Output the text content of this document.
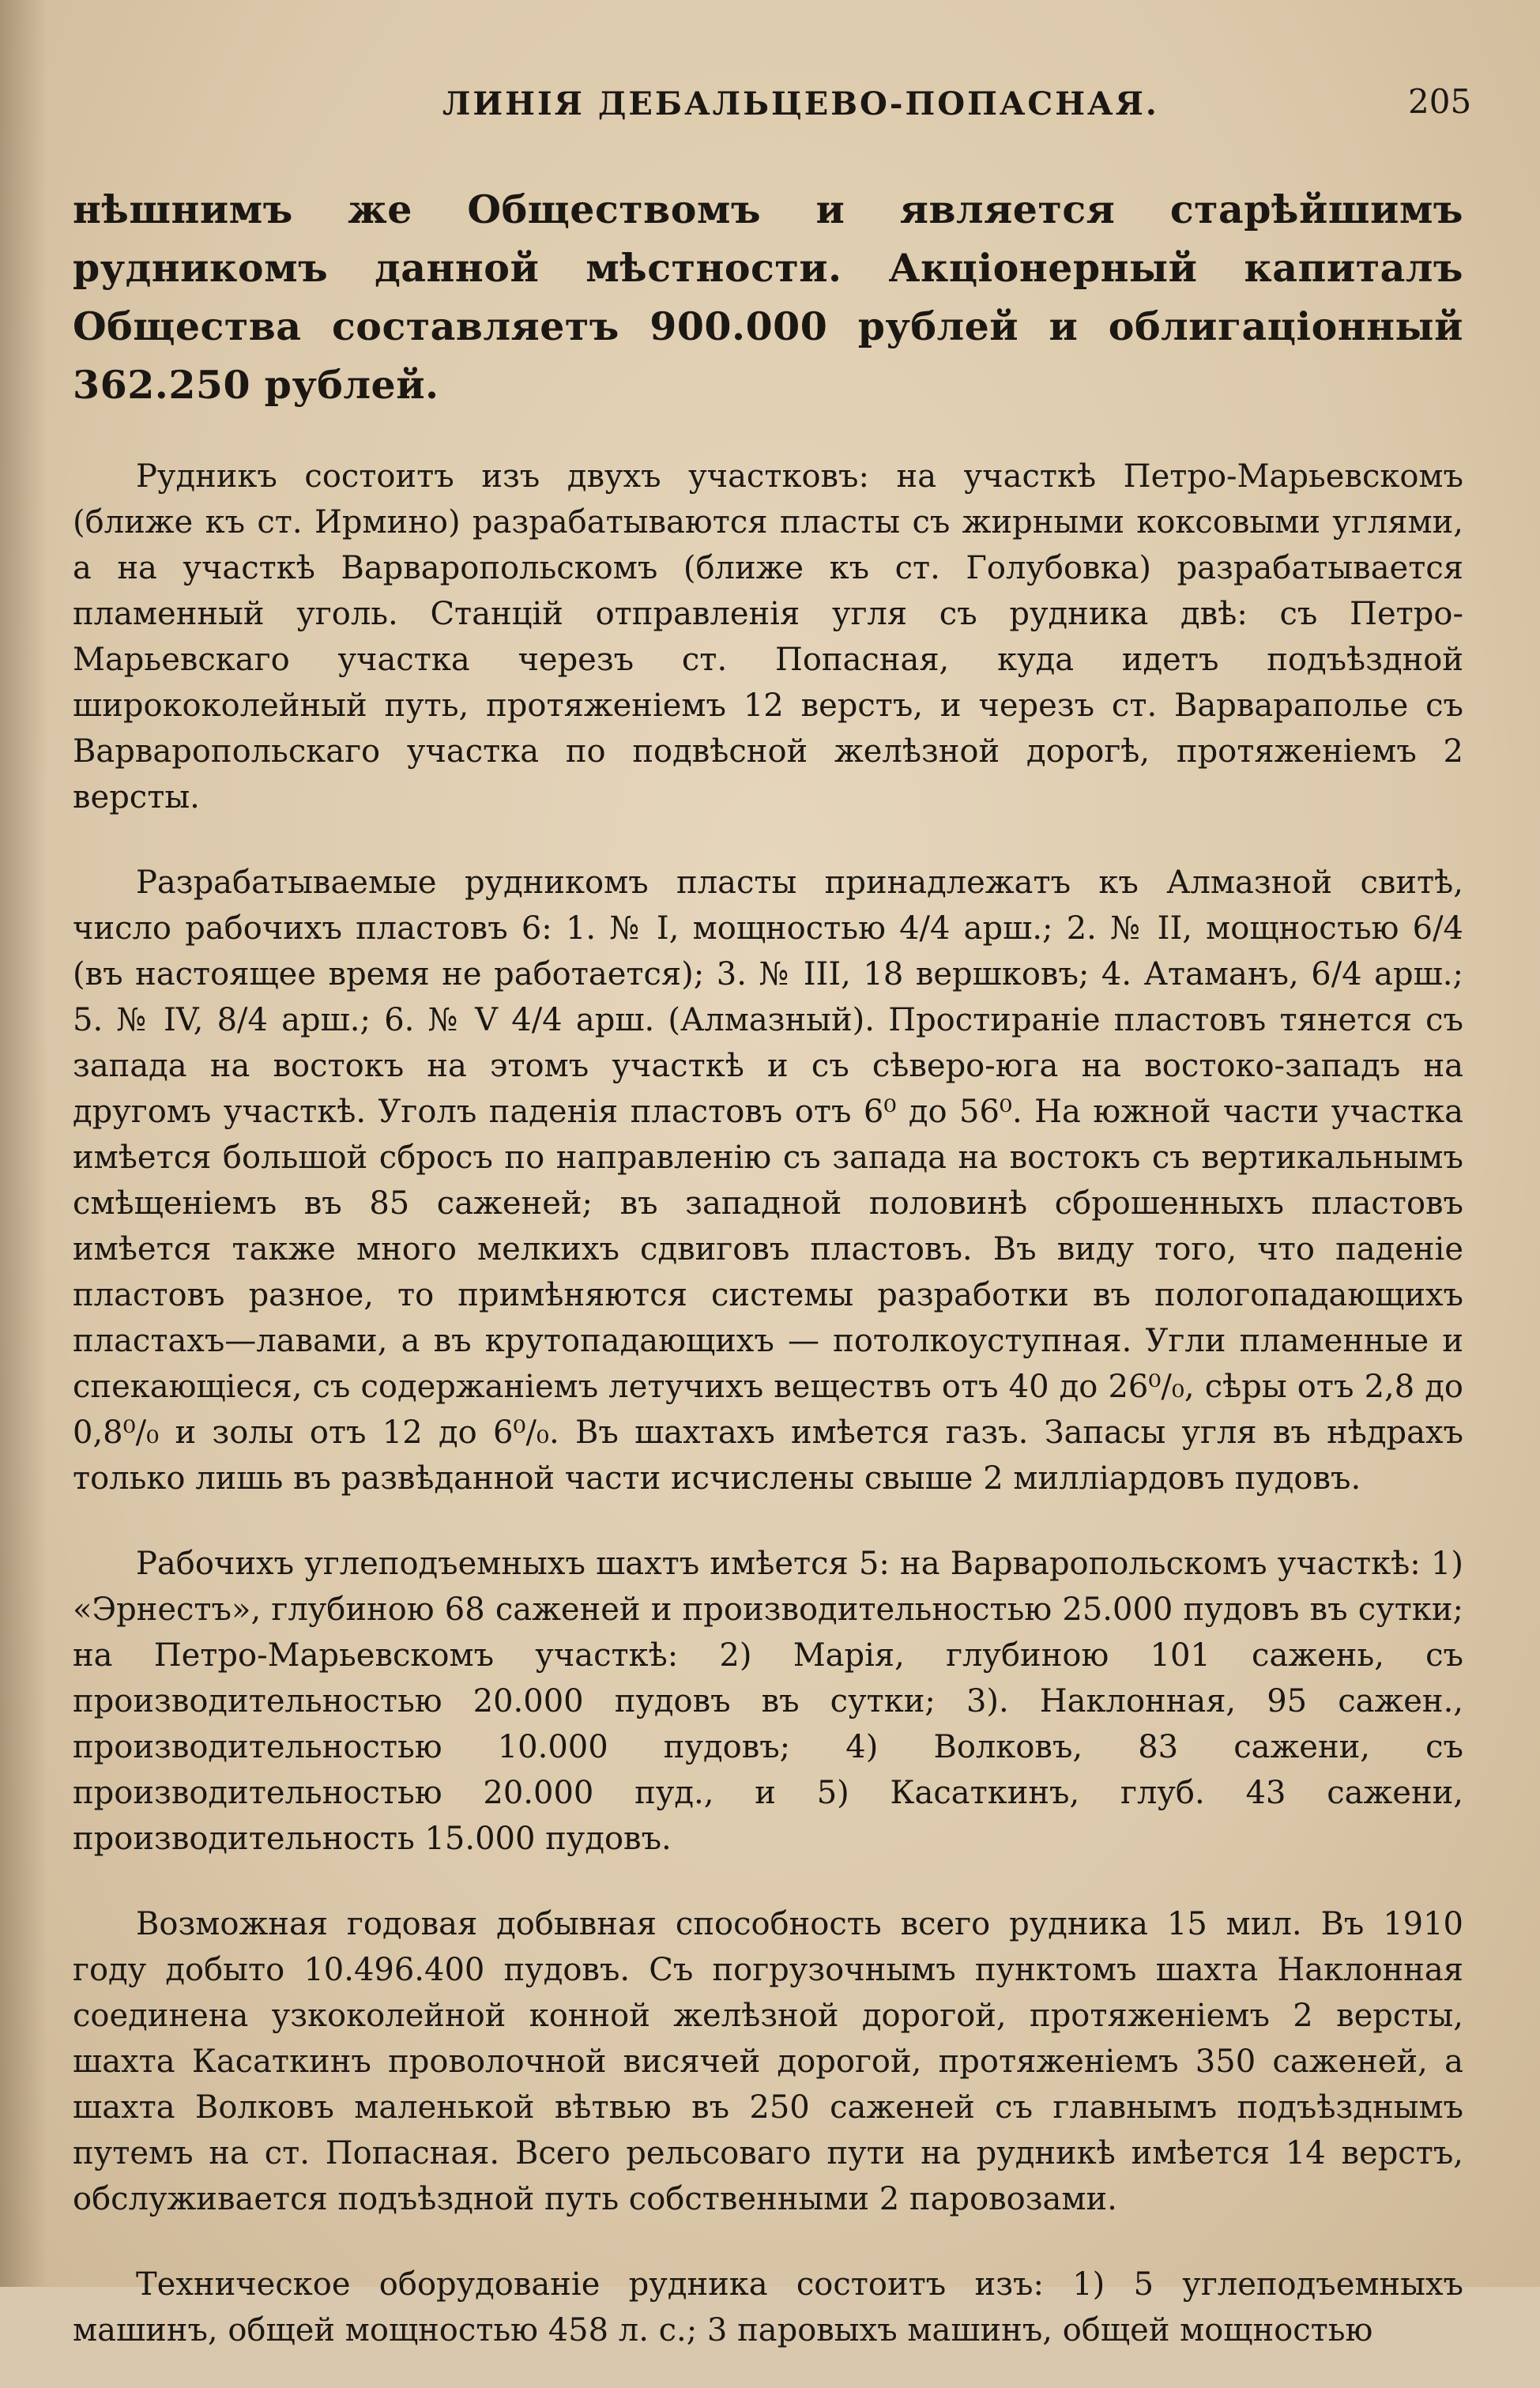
ЛИНІЯ ДЕБАЛЬЦЕВО-ПОПАСНАЯ.	205

нѣшнимъ же Обществомъ и является старѣйшимъ рудникомъ данной мѣстности. Акціонерный капиталъ Общества составляетъ 900.000 рублей и облигаціонный 362.250 рублей.

Рудникъ состоитъ изъ двухъ участковъ: на участкѣ Петро-Марьевскомъ (ближе къ ст. Ирмино) разрабатываются пласты съ жирными коксовыми углями, а на участкѣ Варваропольскомъ (ближе къ ст. Голубовка) разрабатывается пламенный уголь. Станцій отправленія угля съ рудника двѣ: съ Петро-Марьевскаго участка черезъ ст. Попасная, куда идетъ подъѣздной ширококолейный путь, протяженіемъ 12 верстъ, и черезъ ст. Варвараполье съ Варваропольскаго участка по подвѣсной желѣзной дорогѣ, протяженіемъ 2 версты.

Разрабатываемые рудникомъ пласты принадлежатъ къ Алмазной свитѣ, число рабочихъ пластовъ 6: 1. № I, мощностью 4/4 арш.; 2. № II, мощностью 6/4 (въ настоящее время не работается); 3. № III, 18 вершковъ; 4. Атаманъ, 6/4 арш.; 5. № IV, 8/4 арш.; 6. № V 4/4 арш. (Алмазный). Простираніе пластовъ тянется съ запада на востокъ на этомъ участкѣ и съ сѣверо-юга на востоко-западъ на другомъ участкѣ. Уголъ паденія пластовъ отъ 6⁰ до 56⁰. На южной части участка имѣется большой сбросъ по направленію съ запада на востокъ съ вертикальнымъ смѣщеніемъ въ 85 саженей; въ западной половинѣ сброшенныхъ пластовъ имѣется также много мелкихъ сдвиговъ пластовъ. Въ виду того, что паденіе пластовъ разное, то примѣняются системы разработки въ пологопадающихъ пластахъ—лавами, а въ крутопадающихъ — потолкоуступная. Угли пламенные и спекающіеся, съ содержаніемъ летучихъ веществъ отъ 40 до 26⁰/₀, сѣры отъ 2,8 до 0,8⁰/₀ и золы отъ 12 до 6⁰/₀. Въ шахтахъ имѣется газъ. Запасы угля въ нѣдрахъ только лишь въ развѣданной части исчислены свыше 2 милліардовъ пудовъ.

Рабочихъ углеподъемныхъ шахтъ имѣется 5: на Варваропольскомъ участкѣ: 1) «Эрнестъ», глубиною 68 саженей и производительностью 25.000 пудовъ въ сутки; на Петро-Марьевскомъ участкѣ: 2) Марія, глубиною 101 сажень, съ производительностью 20.000 пудовъ въ сутки; 3). Наклонная, 95 сажен., производительностью 10.000 пудовъ; 4) Волковъ, 83 сажени, съ производительностью 20.000 пуд., и 5) Касаткинъ, глуб. 43 сажени, производительность 15.000 пудовъ.

Возможная годовая добывная способность всего рудника 15 мил. Въ 1910 году добыто 10.496.400 пудовъ. Съ погрузочнымъ пунктомъ шахта Наклонная соединена узкоколейной конной желѣзной дорогой, протяженіемъ 2 версты, шахта Касаткинъ проволочной висячей дорогой, протяженіемъ 350 саженей, а шахта Волковъ маленькой вѣтвью въ 250 саженей съ главнымъ подъѣзднымъ путемъ на ст. Попасная. Всего рельсоваго пути на рудникѣ имѣется 14 верстъ, обслуживается подъѣздной путь собственными 2 паровозами.

Техническое оборудованіе рудника состоитъ изъ: 1) 5 углеподъемныхъ машинъ, общей мощностью 458 л. с.; 3 паровыхъ машинъ, общей мощностью
